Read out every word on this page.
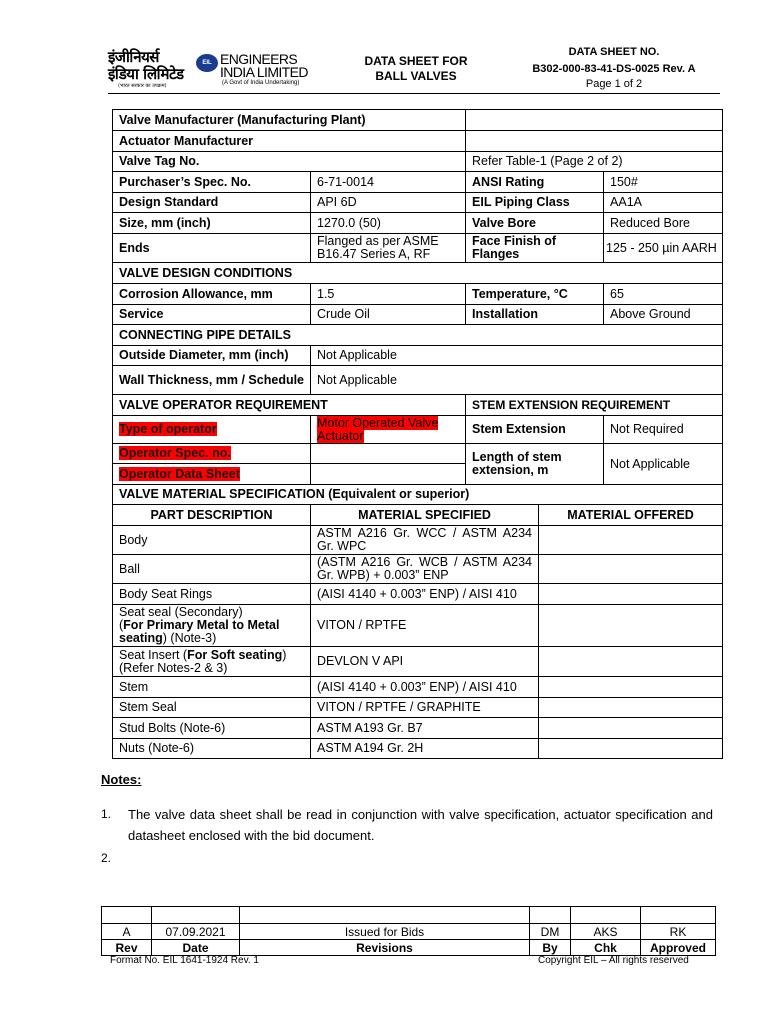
इंजीनियर्स
इंडिया लिमिटेड
(भारत सरकार का उपक्रम)
EIL ENGINEERS
INDIA LIMITED
(A Govt of India Undertaking)
DATA SHEET FOR
BALL VALVES
DATA SHEET NO.
B302-000-83-41-DS-0025 Rev. A
Page 1 of 2
Valve Manufacturer (Manufacturing Plant)				
Actuator Manufacturer				
Valve Tag No.		Refer Table-1 (Page 2 of 2)		
Purchaser’s Spec. No.	6-71-0014	ANSI Rating		150#
Design Standard	API 6D	EIL Piping Class		AA1A
Size, mm (inch)	1270.0 (50)	Valve Bore		Reduced Bore
Ends	Flanged as per ASME B16.47 Series A, RF	Face Finish of Flanges		125 - 250 µin AARH
VALVE DESIGN CONDITIONS				
Corrosion Allowance, mm	1.5	Temperature, °C		65
Service	Crude Oil	Installation		Above Ground
CONNECTING PIPE DETAILS				
Outside Diameter, mm (inch)	Not Applicable			
Wall Thickness, mm / Schedule	Not Applicable			
VALVE OPERATOR REQUIREMENT		STEM EXTENSION REQUIREMENT		
Type of operator	Motor Operated Valve Actuator	Stem Extension		Not Required
Operator Spec. no.		Length of stem extension, m		Not Applicable
Operator Data Sheet				
VALVE MATERIAL SPECIFICATION (Equivalent or superior)				
PART DESCRIPTION	MATERIAL SPECIFIED		MATERIAL OFFERED	
Body	ASTM A216 Gr. WCC / ASTM A234 Gr. WPC			
Ball	(ASTM A216 Gr. WCB / ASTM A234 Gr. WPB) + 0.003” ENP			
Body Seat Rings	(AISI 4140 + 0.003” ENP) / AISI 410			

Seat seal (Secondary)
(For Primary Metal to Metal seating) (Note-3)	VITON / RPTFE			

Seat Insert (For Soft seating)
(Refer Notes-2 & 3)	DEVLON V API			
Stem	(AISI 4140 + 0.003” ENP) / AISI 410			
Stem Seal	VITON / RPTFE / GRAPHITE			
Stud Bolts (Note-6)	ASTM A193 Gr. B7			
Nuts (Note-6)	ASTM A194 Gr. 2H			
Notes:
1. The valve data sheet shall be read in conjunction with valve specification, actuator specification and datasheet enclosed with the bid document.
2.

A	07.09.2021	Issued for Bids	DM	AKS	RK
Rev	Date	Revisions	By	Chk	Approved
Format No. EIL 1641-1924 Rev. 1	Copyright EIL – All rights reserved
